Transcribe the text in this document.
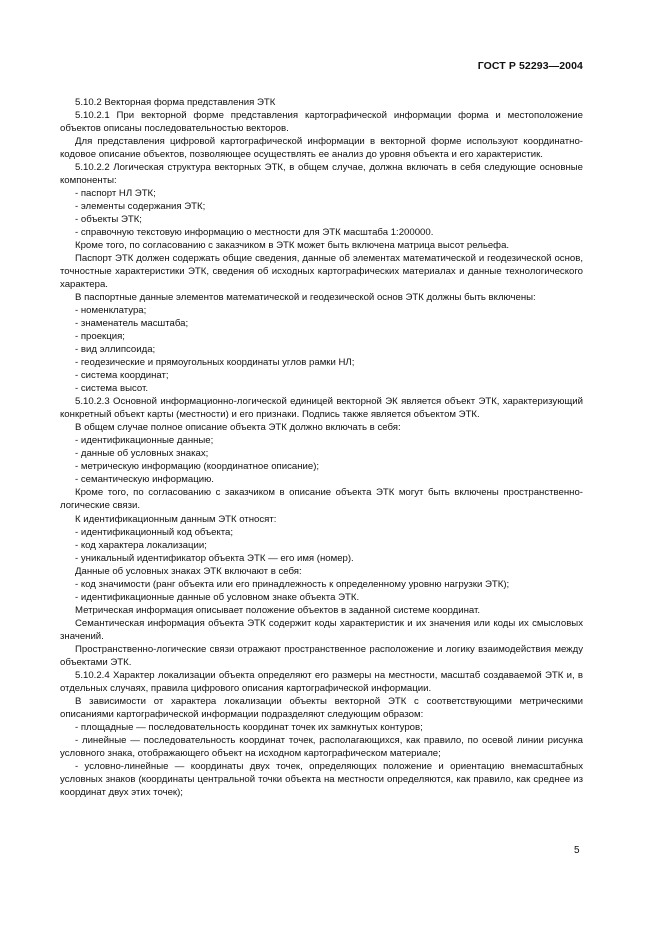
ГОСТ Р 52293—2004

5.10.2 Векторная форма представления ЭТК

5.10.2.1 При векторной форме представления картографической информации форма и местоположение объектов описаны последовательностью векторов.

Для представления цифровой картографической информации в векторной форме используют координатно-кодовое описание объектов, позволяющее осуществлять ее анализ до уровня объекта и его характеристик.

5.10.2.2 Логическая структура векторных ЭТК, в общем случае, должна включать в себя следующие основные компоненты:

- паспорт НЛ ЭТК;

- элементы содержания ЭТК;

- объекты ЭТК;

- справочную текстовую информацию о местности для ЭТК масштаба 1:200000.

Кроме того, по согласованию с заказчиком в ЭТК может быть включена матрица высот рельефа.

Паспорт ЭТК должен содержать общие сведения, данные об элементах математической и геодезической основ, точностные характеристики ЭТК, сведения об исходных картографических материалах и данные технологического характера.

В паспортные данные элементов математической и геодезической основ ЭТК должны быть включены:

- номенклатура;

- знаменатель масштаба;

- проекция;

- вид эллипсоида;

- геодезические и прямоугольных координаты углов рамки НЛ;

- система координат;

- система высот.

5.10.2.3 Основной информационно-логической единицей векторной ЭК является объект ЭТК, характеризующий конкретный объект карты (местности) и его признаки. Подпись также является объектом ЭТК.

В общем случае полное описание объекта ЭТК должно включать в себя:

- идентификационные данные;

- данные об условных знаках;

- метрическую информацию (координатное описание);

- семантическую информацию.

Кроме того, по согласованию с заказчиком в описание объекта ЭТК могут быть включены пространственно-логические связи.

К идентификационным данным ЭТК относят:

- идентификационный код объекта;

- код характера локализации;

- уникальный идентификатор объекта ЭТК — его имя (номер).

Данные об условных знаках ЭТК включают в себя:

- код значимости (ранг объекта или его принадлежность к определенному уровню нагрузки ЭТК);

- идентификационные данные об условном знаке объекта ЭТК.

Метрическая информация описывает положение объектов в заданной системе координат.

Семантическая информация объекта ЭТК содержит коды характеристик и их значения или коды их смысловых значений.

Пространственно-логические связи отражают пространственное расположение и логику взаимодействия между объектами ЭТК.

5.10.2.4 Характер локализации объекта определяют его размеры на местности, масштаб создаваемой ЭТК и, в отдельных случаях, правила цифрового описания картографической информации.

В зависимости от характера локализации объекты векторной ЭТК с соответствующими метрическими описаниями картографической информации подразделяют следующим образом:

- площадные — последовательность координат точек их замкнутых контуров;

- линейные — последовательность координат точек, располагающихся, как правило, по осевой линии рисунка условного знака, отображающего объект на исходном картографическом материале;

- условно-линейные — координаты двух точек, определяющих положение и ориентацию внемасштабных условных знаков (координаты центральной точки объекта на местности определяются, как правило, как среднее из координат двух этих точек);

5
